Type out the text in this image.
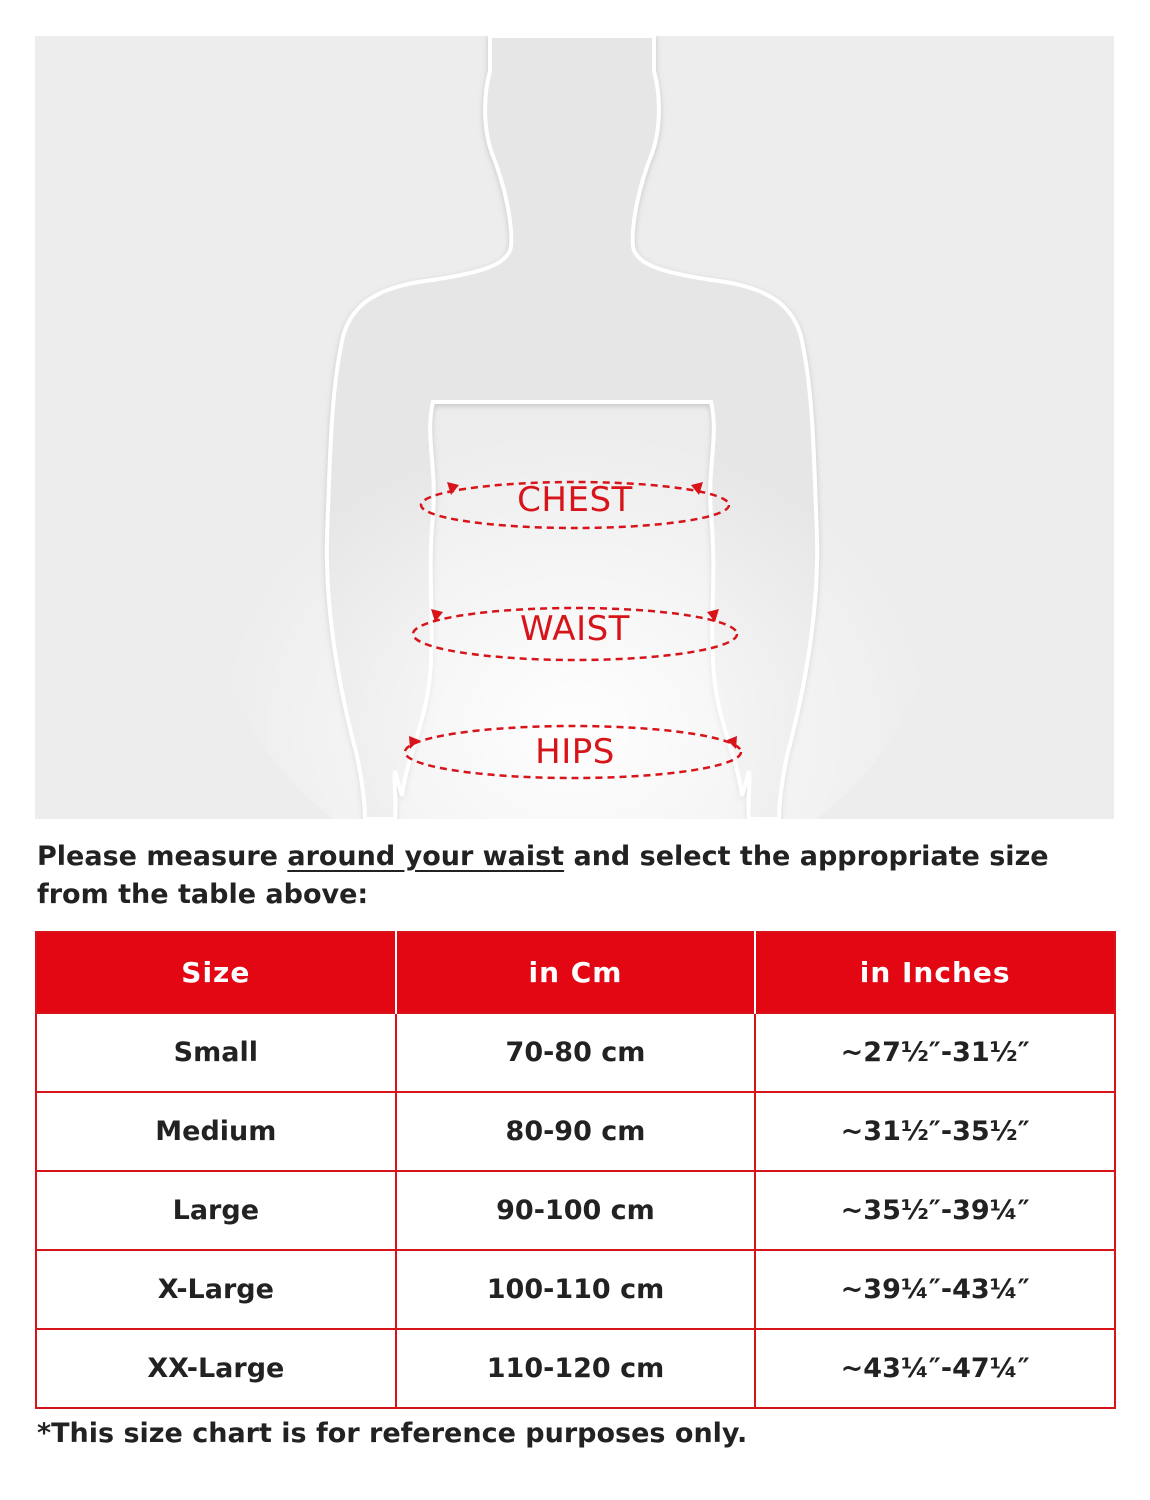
CHEST
WAIST
HIPS
Please measure around your waist and select the appropriate size from the table above:
Size	in Cm	in Inches
Small	70-80 cm	~27½″-31½″
Medium	80-90 cm	~31½″-35½″
Large	90-100 cm	~35½″-39¼″
X-Large	100-110 cm	~39¼″-43¼″
XX-Large	110-120 cm	~43¼″-47¼″
*This size chart is for reference purposes only.
